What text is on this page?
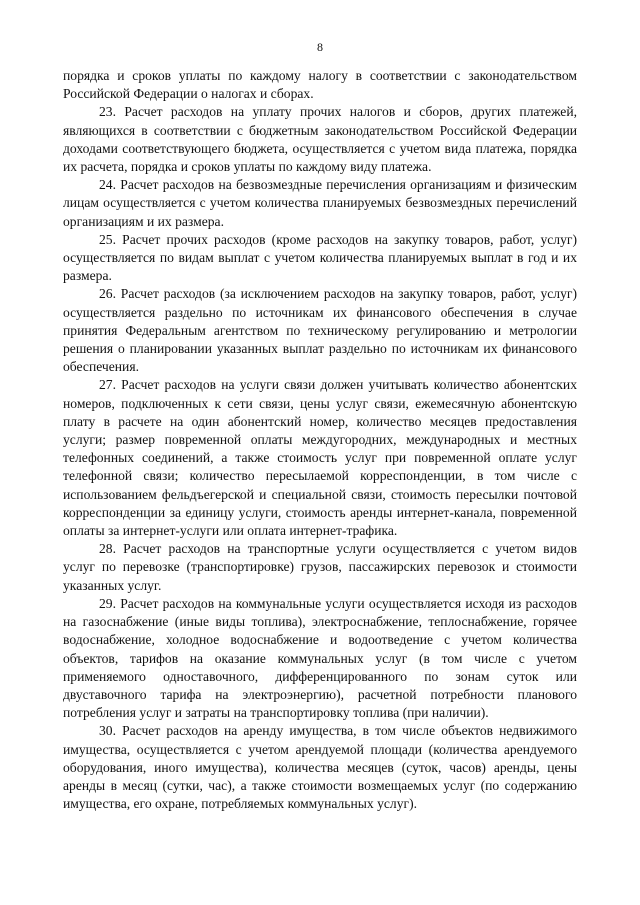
8

порядка и сроков уплаты по каждому налогу в соответствии с законодательством Российской Федерации о налогах и сборах.

23. Расчет расходов на уплату прочих налогов и сборов, других платежей, являющихся в соответствии с бюджетным законодательством Российской Федерации доходами соответствующего бюджета, осуществляется с учетом вида платежа, порядка их расчета, порядка и сроков уплаты по каждому виду платежа.

24. Расчет расходов на безвозмездные перечисления организациям и физическим лицам осуществляется с учетом количества планируемых безвозмездных перечислений организациям и их размера.

25. Расчет прочих расходов (кроме расходов на закупку товаров, работ, услуг) осуществляется по видам выплат с учетом количества планируемых выплат в год и их размера.

26. Расчет расходов (за исключением расходов на закупку товаров, работ, услуг) осуществляется раздельно по источникам их финансового обеспечения в случае принятия Федеральным агентством по техническому регулированию и метрологии решения о планировании указанных выплат раздельно по источникам их финансового обеспечения.

27. Расчет расходов на услуги связи должен учитывать количество абонентских номеров, подключенных к сети связи, цены услуг связи, ежемесячную абонентскую плату в расчете на один абонентский номер, количество месяцев предоставления услуги; размер повременной оплаты междугородних, международных и местных телефонных соединений, а также стоимость услуг при повременной оплате услуг телефонной связи; количество пересылаемой корреспонденции, в том числе с использованием фельдъегерской и специальной связи, стоимость пересылки почтовой корреспонденции за единицу услуги, стоимость аренды интернет-канала, повременной оплаты за интернет-услуги или оплата интернет-трафика.

28. Расчет расходов на транспортные услуги осуществляется с учетом видов услуг по перевозке (транспортировке) грузов, пассажирских перевозок и стоимости указанных услуг.

29. Расчет расходов на коммунальные услуги осуществляется исходя из расходов на газоснабжение (иные виды топлива), электроснабжение, теплоснабжение, горячее водоснабжение, холодное водоснабжение и водоотведение с учетом количества объектов, тарифов на оказание коммунальных услуг (в том числе с учетом применяемого одноставочного, дифференцированного по зонам суток или двуставочного тарифа на электроэнергию), расчетной потребности планового потребления услуг и затраты на транспортировку топлива (при наличии).

30. Расчет расходов на аренду имущества, в том числе объектов недвижимого имущества, осуществляется с учетом арендуемой площади (количества арендуемого оборудования, иного имущества), количества месяцев (суток, часов) аренды, цены аренды в месяц (сутки, час), а также стоимости возмещаемых услуг (по содержанию имущества, его охране, потребляемых коммунальных услуг).
